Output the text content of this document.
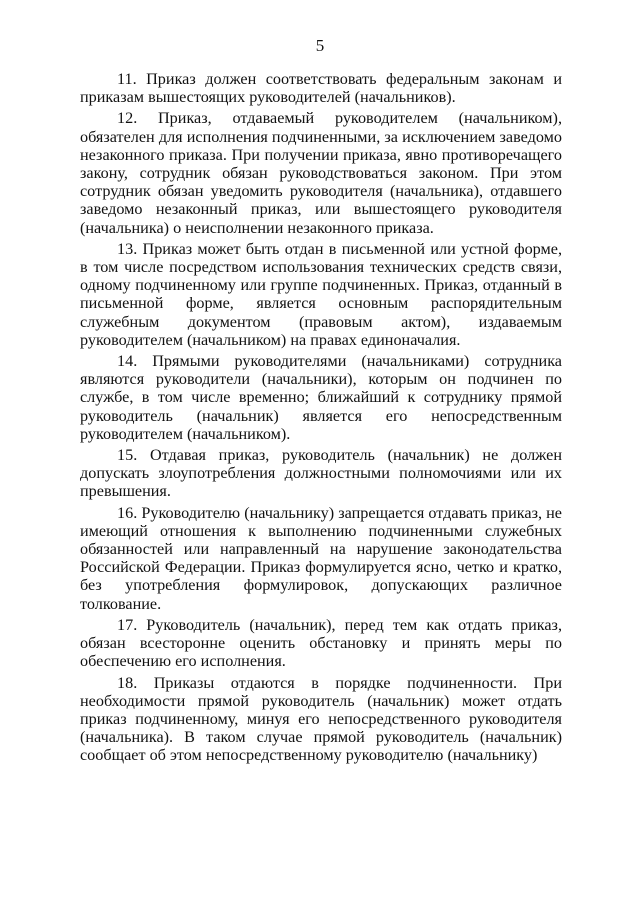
5

11. Приказ должен соответствовать федеральным законам и приказам вышестоящих руководителей (начальников).

12. Приказ, отдаваемый руководителем (начальником), обязателен для исполнения подчиненными, за исключением заведомо незаконного приказа. При получении приказа, явно противоречащего закону, сотрудник обязан руководствоваться законом. При этом сотрудник обязан уведомить руководителя (начальника), отдавшего заведомо незаконный приказ, или вышестоящего руководителя (начальника) о неисполнении незаконного приказа.

13. Приказ может быть отдан в письменной или устной форме, в том числе посредством использования технических средств связи, одному подчиненному или группе подчиненных. Приказ, отданный в письменной форме, является основным распорядительным служебным документом (правовым актом), издаваемым руководителем (начальником) на правах единоначалия.

14. Прямыми руководителями (начальниками) сотрудника являются руководители (начальники), которым он подчинен по службе, в том числе временно; ближайший к сотруднику прямой руководитель (начальник) является его непосредственным руководителем (начальником).

15. Отдавая приказ, руководитель (начальник) не должен допускать злоупотребления должностными полномочиями или их превышения.

16. Руководителю (начальнику) запрещается отдавать приказ, не имеющий отношения к выполнению подчиненными служебных обязанностей или направленный на нарушение законодательства Российской Федерации. Приказ формулируется ясно, четко и кратко, без употребления формулировок, допускающих различное толкование.

17. Руководитель (начальник), перед тем как отдать приказ, обязан всесторонне оценить обстановку и принять меры по обеспечению его исполнения.

18. Приказы отдаются в порядке подчиненности. При необходимости прямой руководитель (начальник) может отдать приказ подчиненному, минуя его непосредственного руководителя (начальника). В таком случае прямой руководитель (начальник) сообщает об этом непосредственному руководителю (начальнику)
